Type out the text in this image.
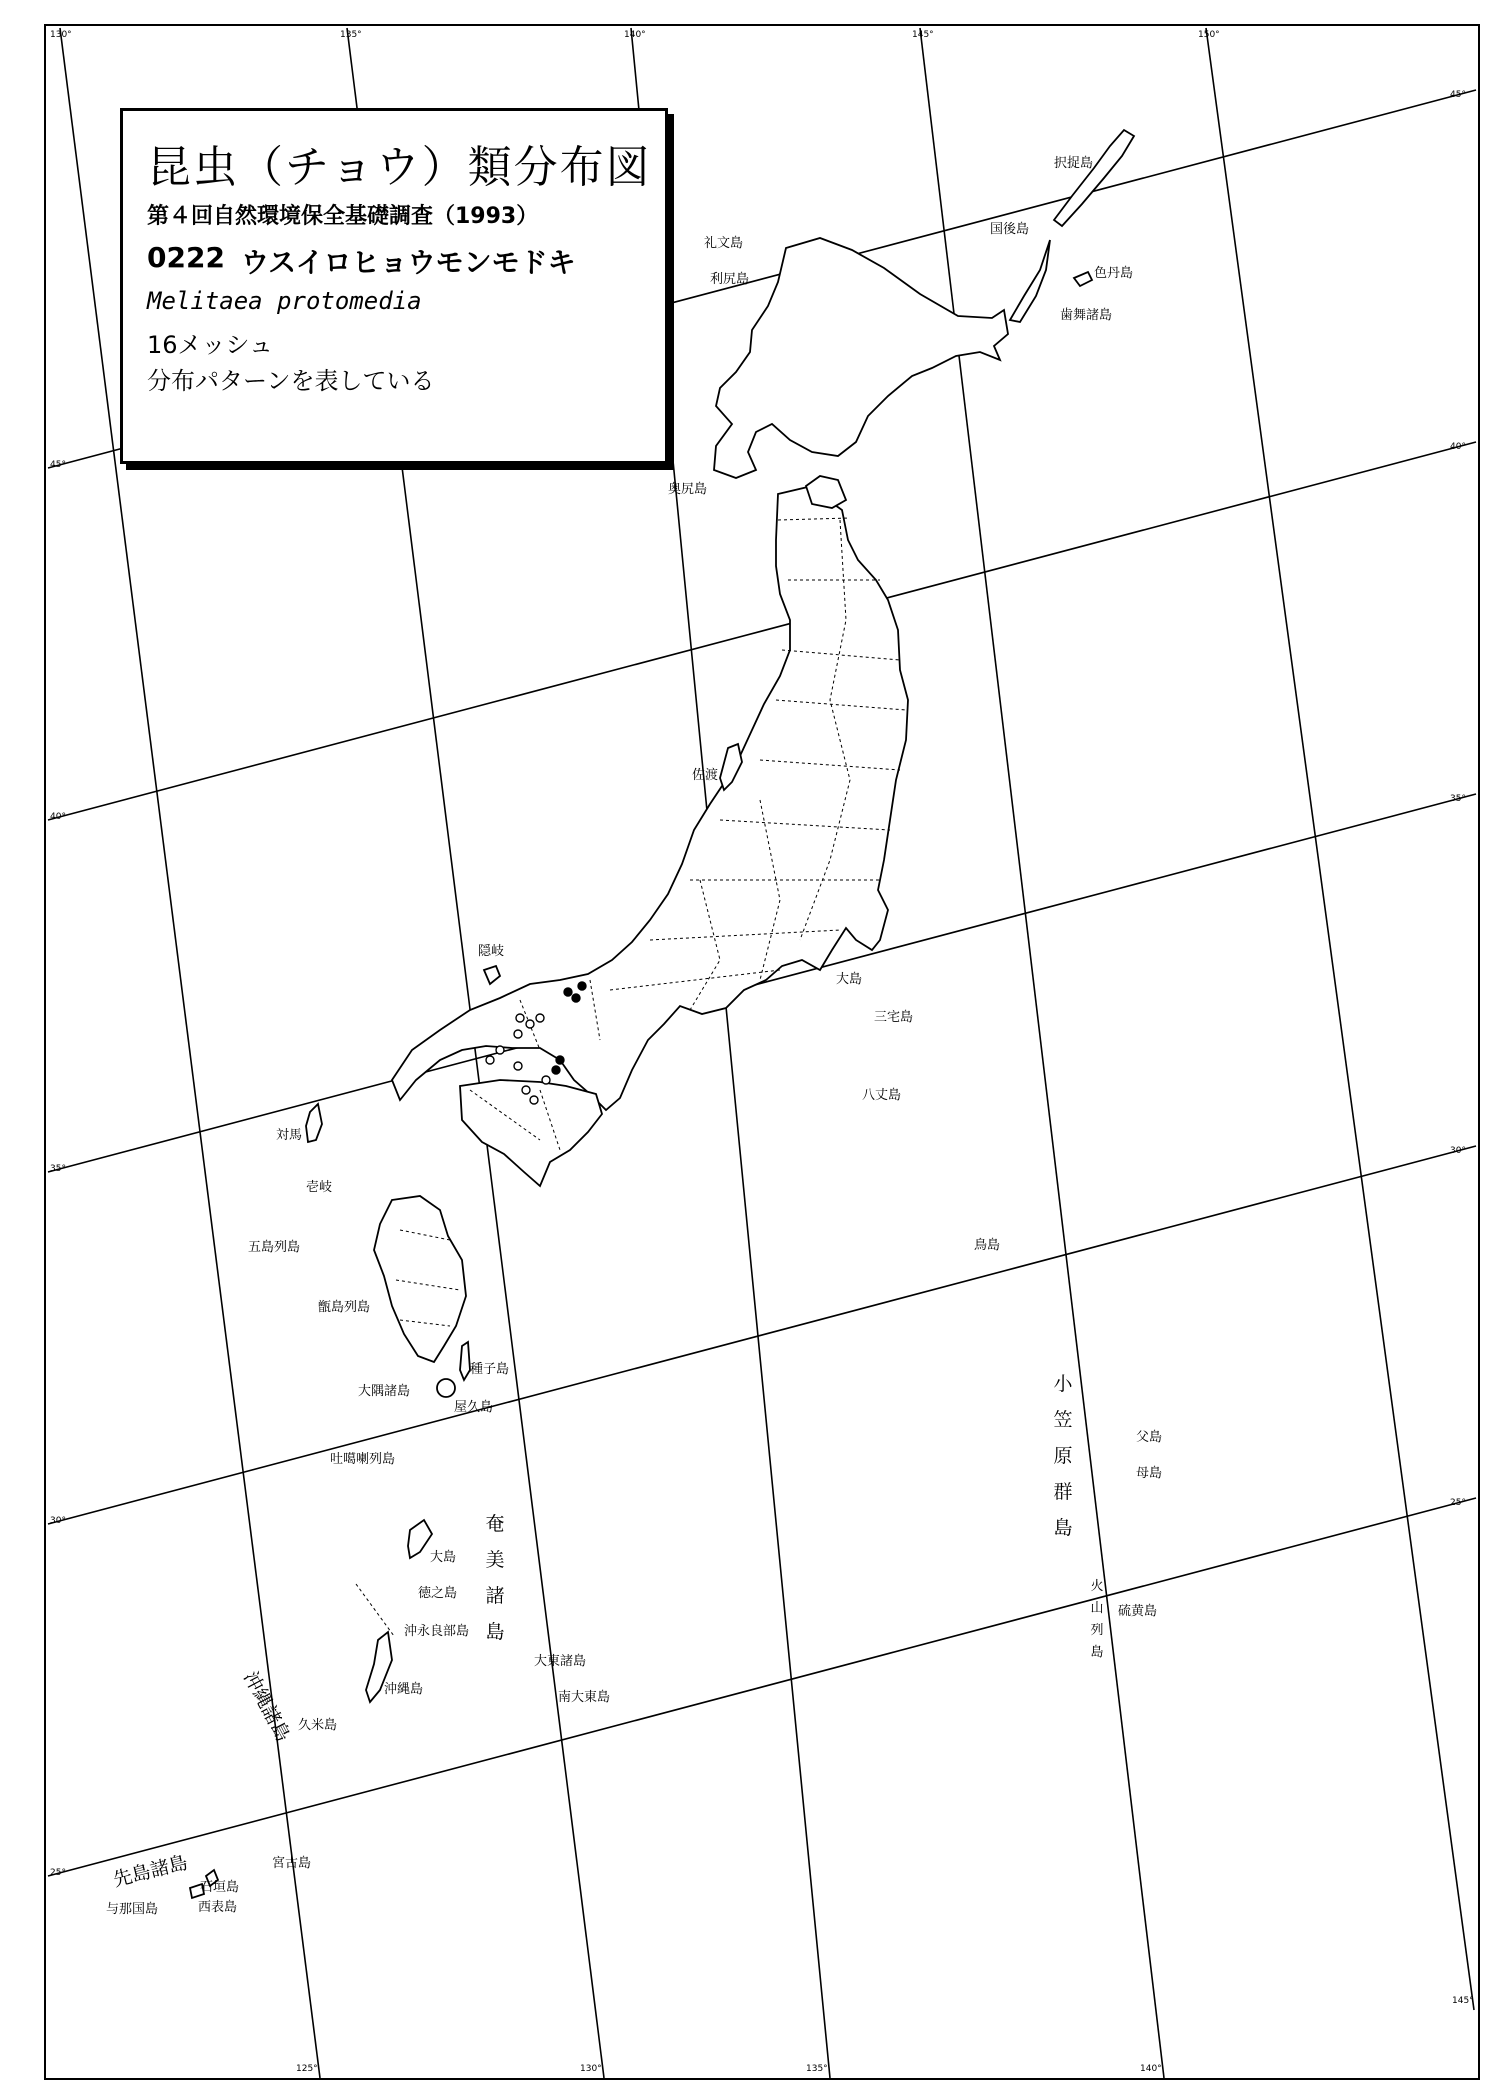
130°	135°	140°	145°	150°
125°	130°	135°	140°
145°
45°
40°
35°
30°
25°
45°
40°
35°
30°
25°
択捉島
国後島
色丹島
歯舞諸島
礼文島
利尻島
奥尻島
佐渡
隠岐
大島
三宅島
八丈島
鳥島
対馬
壱岐
五島列島
甑島列島
種子島
大隅諸島
屋久島
吐噶喇列島
大島
徳之島
沖永良部島
沖縄島
久米島
大東諸島
南大東島
父島
母島
硫黄島
宮古島
石垣島
西表島
与那国島
奄美諸島
小笠原群島
火山列島
沖縄諸島
先島諸島
昆虫（チョウ）類分布図
第４回自然環境保全基礎調査（1993）
0222 ウスイロヒョウモンモドキ
Melitaea protomedia
16メッシュ
分布パターンを表している
